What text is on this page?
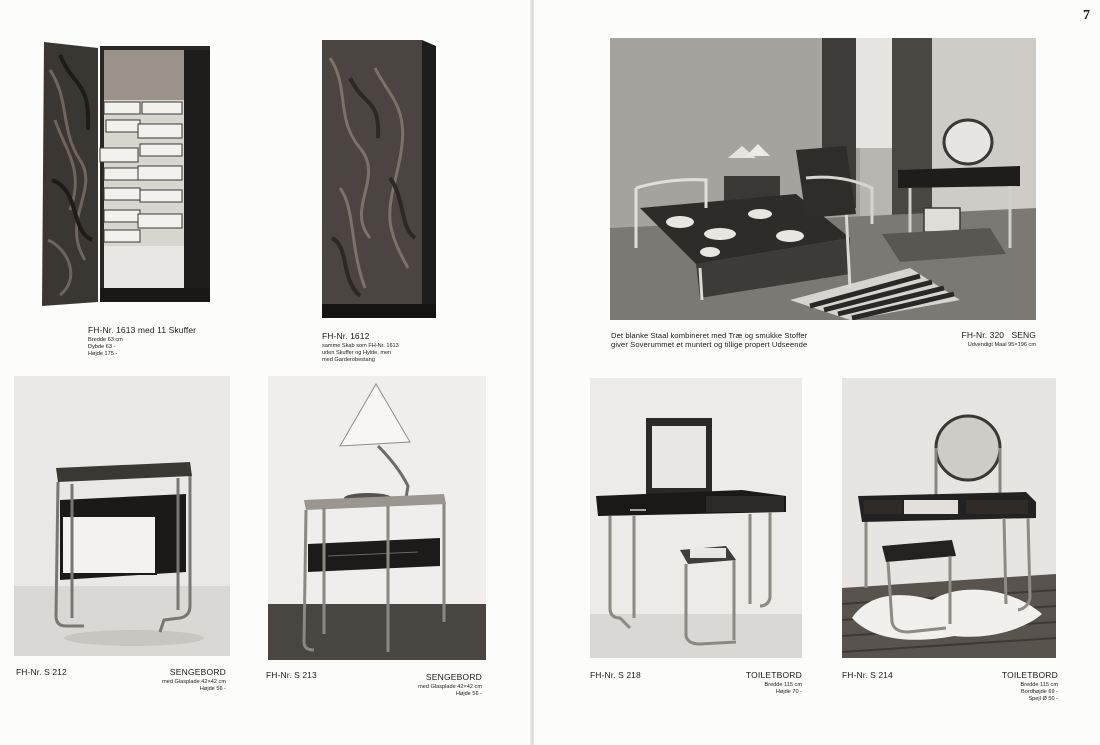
FH-Nr. 1613 med 11 Skuffer
Bredde 63 cm
Dybde 63 -
Højde 175 -
FH-Nr. 1612
samme Skab som FH-Nr. 1613
uden Skuffer og Hylde, men
med Garderobestang
FH-Nr. S 212	SENGEBORD
med Glasplade 42×42 cm
Højde 56 -
FH-Nr. S 213	SENGEBORD
med Glasplade 42×42 cm
Højde 56 -
7
Det blanke Staal kombineret med Træ og smukke Stoffer
giver Soverummet et muntert og tillige propert Udseende
FH-Nr. 320 SENG
Udvendigt Maal 95×196 cm
FH-Nr. S 218	TOILETBORD
Bredde 115 cm
Højde 70 -
FH-Nr. S 214	TOILETBORD
Bredde 115 cm
Bordhøjde 69 -
Spejl Ø 50 -
